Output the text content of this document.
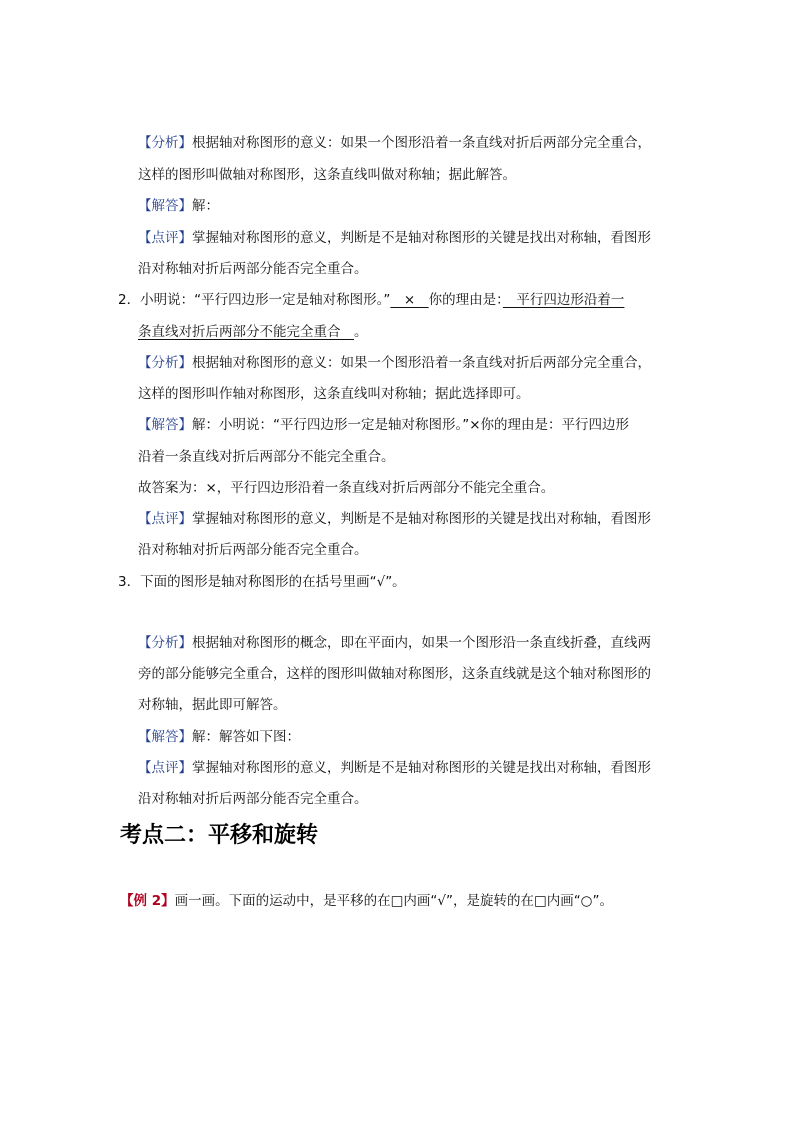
【分析】根据轴对称图形的意义：如果一个图形沿着一条直线对折后两部分完全重合，
这样的图形叫做轴对称图形，这条直线叫做对称轴；据此解答。
【解答】解：
【点评】掌握轴对称图形的意义，判断是不是轴对称图形的关键是找出对称轴，看图形
沿对称轴对折后两部分能否完全重合。
2．小明说：“平行四边形一定是轴对称图形。”　×　你的理由是：　平行四边形沿着一
条直线对折后两部分不能完全重合　。
【分析】根据轴对称图形的意义：如果一个图形沿着一条直线对折后两部分完全重合，
这样的图形叫作轴对称图形，这条直线叫对称轴；据此选择即可。
【解答】解：小明说：“平行四边形一定是轴对称图形。”×你的理由是：平行四边形
沿着一条直线对折后两部分不能完全重合。
故答案为：×，平行四边形沿着一条直线对折后两部分不能完全重合。
【点评】掌握轴对称图形的意义，判断是不是轴对称图形的关键是找出对称轴，看图形
沿对称轴对折后两部分能否完全重合。
3．下面的图形是轴对称图形的在括号里画“√”。
【分析】根据轴对称图形的概念，即在平面内，如果一个图形沿一条直线折叠，直线两
旁的部分能够完全重合，这样的图形叫做轴对称图形，这条直线就是这个轴对称图形的
对称轴，据此即可解答。
【解答】解：解答如下图：
【点评】掌握轴对称图形的意义，判断是不是轴对称图形的关键是找出对称轴，看图形
沿对称轴对折后两部分能否完全重合。
考点二：平移和旋转
【例 2】画一画。下面的运动中，是平移的在□内画“√”，是旋转的在□内画“○”。
